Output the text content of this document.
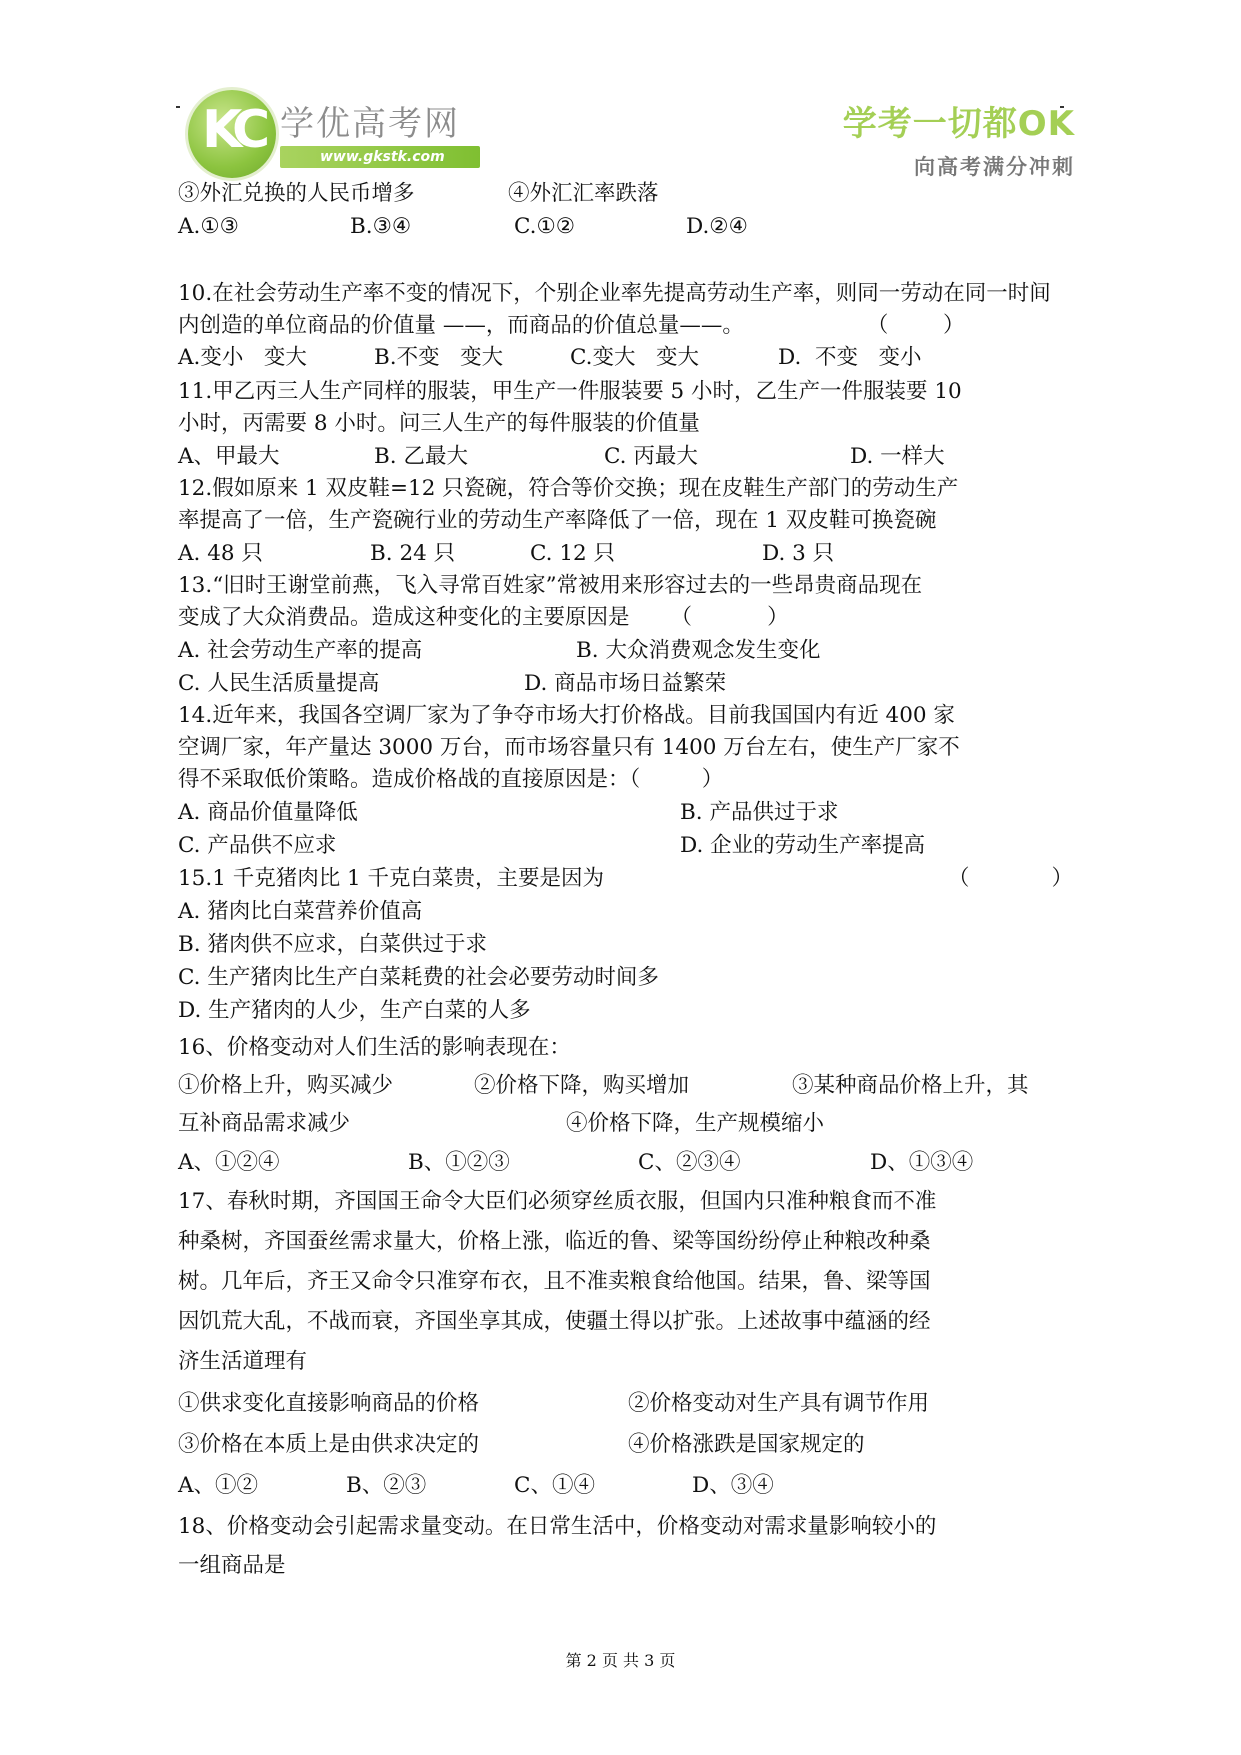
KC 学优高考网
www.gkstk.com
学考一切都OK
向高考满分冲刺
③外汇兑换的人民币增多	④外汇汇率跌落
A.①③	B.③④	C.①②	D.②④
10.在社会劳动生产率不变的情况下，个别企业率先提高劳动生产率，则同一劳动在同一时间
内创造的单位商品的价值量 ——，而商品的价值总量——。                  （        ）
A.变小   变大	B.不变   变大	C.变大   变大	D.  不变   变小
11.甲乙丙三人生产同样的服装，甲生产一件服装要 5 小时，乙生产一件服装要 10
小时，丙需要 8 小时。问三人生产的每件服装的价值量
A、甲最大	B. 乙最大	C. 丙最大	D. 一样大
12.假如原来 1 双皮鞋=12 只瓷碗，符合等价交换；现在皮鞋生产部门的劳动生产
率提高了一倍，生产瓷碗行业的劳动生产率降低了一倍，现在 1 双皮鞋可换瓷碗
A. 48 只	B. 24 只	C. 12 只	D. 3 只
13.“旧时王谢堂前燕，飞入寻常百姓家”常被用来形容过去的一些昂贵商品现在
变成了大众消费品。造成这种变化的主要原因是      （           ）
A. 社会劳动生产率的提高	B. 大众消费观念发生变化
C. 人民生活质量提高	D. 商品市场日益繁荣
14.近年来，我国各空调厂家为了争夺市场大打价格战。目前我国国内有近 400 家
空调厂家，年产量达 3000 万台，而市场容量只有 1400 万台左右，使生产厂家不
得不采取低价策略。造成价格战的直接原因是：（         ）
A. 商品价值量降低	B. 产品供过于求
C. 产品供不应求	D. 企业的劳动生产率提高
15.1 千克猪肉比 1 千克白菜贵，主要是因为	（            ）
A. 猪肉比白菜营养价值高
B. 猪肉供不应求，白菜供过于求
C. 生产猪肉比生产白菜耗费的社会必要劳动时间多
D. 生产猪肉的人少，生产白菜的人多
16、价格变动对人们生活的影响表现在：
①价格上升，购买减少	②价格下降，购买增加	③某种商品价格上升，其
互补商品需求减少	④价格下降，生产规模缩小
A、①②④	B、①②③	C、②③④	D、①③④
17、春秋时期，齐国国王命令大臣们必须穿丝质衣服，但国内只准种粮食而不准
种桑树，齐国蚕丝需求量大，价格上涨，临近的鲁、梁等国纷纷停止种粮改种桑
树。几年后，齐王又命令只准穿布衣，且不准卖粮食给他国。结果，鲁、梁等国
因饥荒大乱，不战而衰，齐国坐享其成，使疆土得以扩张。上述故事中蕴涵的经
济生活道理有
①供求变化直接影响商品的价格	②价格变动对生产具有调节作用
③价格在本质上是由供求决定的	④价格涨跌是国家规定的
A、①②	B、②③	C、①④	D、③④
18、价格变动会引起需求量变动。在日常生活中，价格变动对需求量影响较小的
一组商品是
第 2 页 共 3 页
